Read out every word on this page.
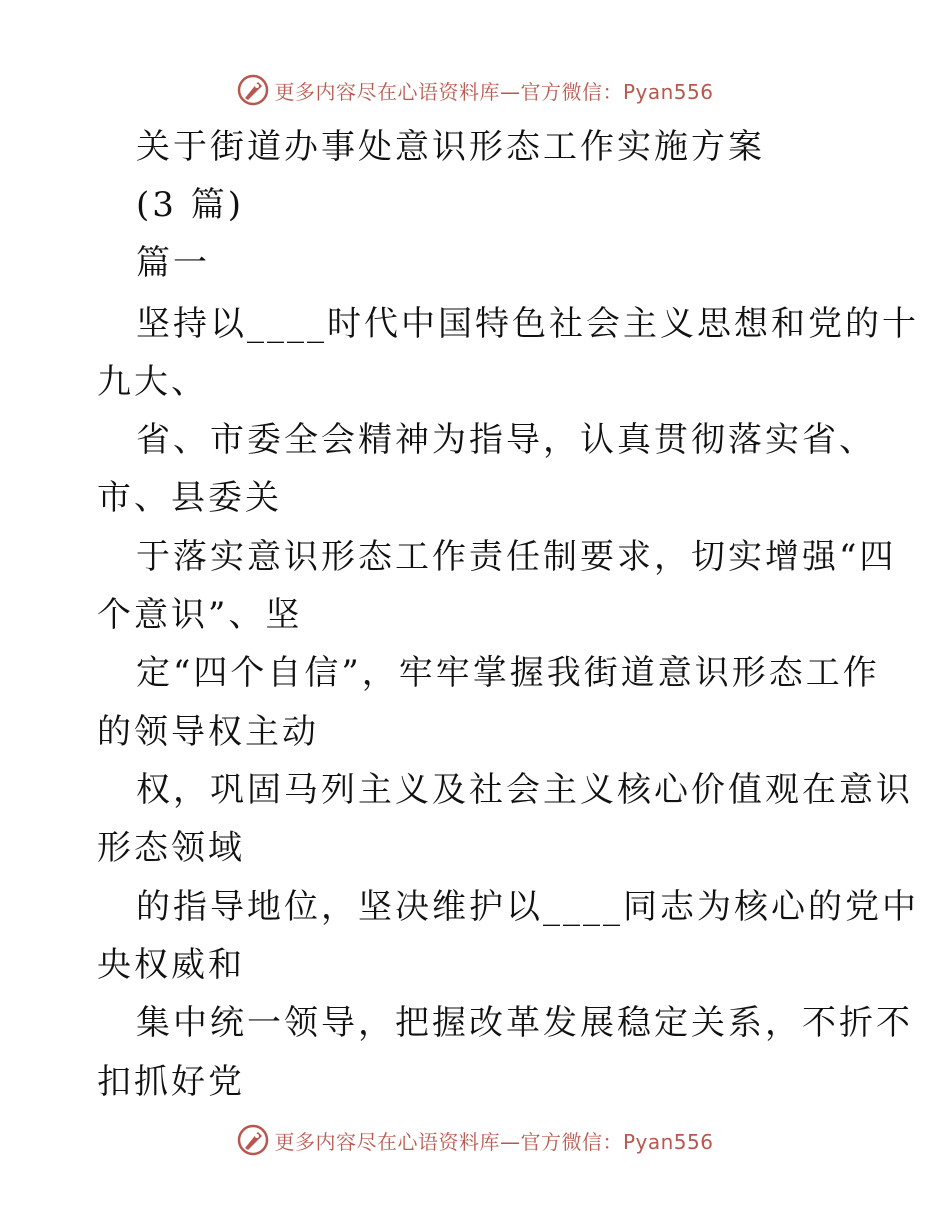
更多内容尽在心语资料库—官方微信：Pyan556
关于街道办事处意识形态工作实施方案
(3 篇)
篇一
坚持以____时代中国特色社会主义思想和党的十
九大、
省、市委全会精神为指导，认真贯彻落实省、
市、县委关
于落实意识形态工作责任制要求，切实增强“四
个意识”、坚
定“四个自信”，牢牢掌握我街道意识形态工作
的领导权主动
权，巩固马列主义及社会主义核心价值观在意识
形态领域
的指导地位，坚决维护以____同志为核心的党中
央权威和
集中统一领导，把握改革发展稳定关系，不折不
扣抓好党
更多内容尽在心语资料库—官方微信：Pyan556
